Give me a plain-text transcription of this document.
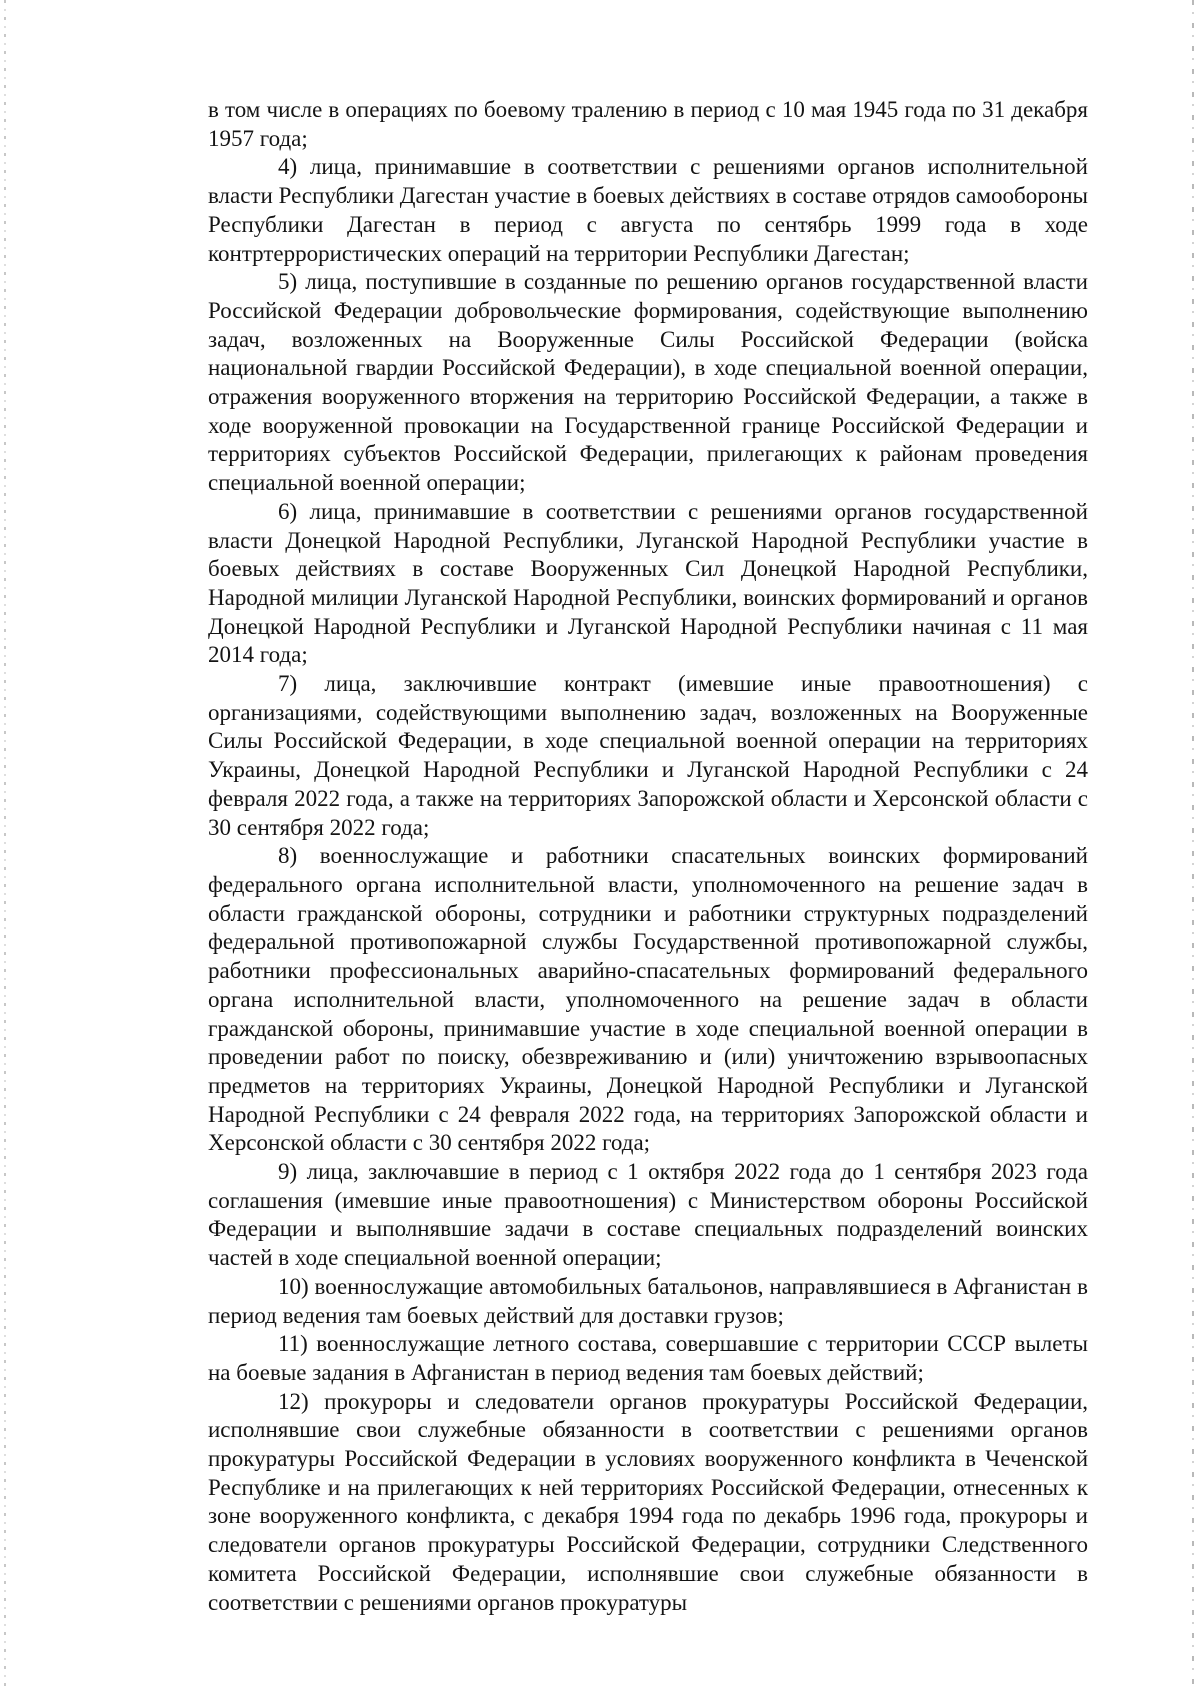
в том числе в операциях по боевому тралению в период с 10 мая 1945 года по 31 декабря 1957 года;

4) лица, принимавшие в соответствии с решениями органов исполнительной власти Республики Дагестан участие в боевых действиях в составе отрядов самообороны Республики Дагестан в период с августа по сентябрь 1999 года в ходе контртеррористических операций на территории Республики Дагестан;

5) лица, поступившие в созданные по решению органов государственной власти Российской Федерации добровольческие формирования, содействующие выполнению задач, возложенных на Вооруженные Силы Российской Федерации (войска национальной гвардии Российской Федерации), в ходе специальной военной операции, отражения вооруженного вторжения на территорию Российской Федерации, а также в ходе вооруженной провокации на Государственной границе Российской Федерации и территориях субъектов Российской Федерации, прилегающих к районам проведения специальной военной операции;

6) лица, принимавшие в соответствии с решениями органов государственной власти Донецкой Народной Республики, Луганской Народной Республики участие в боевых действиях в составе Вооруженных Сил Донецкой Народной Республики, Народной милиции Луганской Народной Республики, воинских формирований и органов Донецкой Народной Республики и Луганской Народной Республики начиная с 11 мая 2014 года;

7) лица, заключившие контракт (имевшие иные правоотношения) с организациями, содействующими выполнению задач, возложенных на Вооруженные Силы Российской Федерации, в ходе специальной военной операции на территориях Украины, Донецкой Народной Республики и Луганской Народной Республики с 24 февраля 2022 года, а также на территориях Запорожской области и Херсонской области с 30 сентября 2022 года;

8) военнослужащие и работники спасательных воинских формирований федерального органа исполнительной власти, уполномоченного на решение задач в области гражданской обороны, сотрудники и работники структурных подразделений федеральной противопожарной службы Государственной противопожарной службы, работники профессиональных аварийно-спасательных формирований федерального органа исполнительной власти, уполномоченного на решение задач в области гражданской обороны, принимавшие участие в ходе специальной военной операции в проведении работ по поиску, обезвреживанию и (или) уничтожению взрывоопасных предметов на территориях Украины, Донецкой Народной Республики и Луганской Народной Республики с 24 февраля 2022 года, на территориях Запорожской области и Херсонской области с 30 сентября 2022 года;

9) лица, заключавшие в период с 1 октября 2022 года до 1 сентября 2023 года соглашения (имевшие иные правоотношения) с Министерством обороны Российской Федерации и выполнявшие задачи в составе специальных подразделений воинских частей в ходе специальной военной операции;

10) военнослужащие автомобильных батальонов, направлявшиеся в Афганистан в период ведения там боевых действий для доставки грузов;

11) военнослужащие летного состава, совершавшие с территории СССР вылеты на боевые задания в Афганистан в период ведения там боевых действий;

12) прокуроры и следователи органов прокуратуры Российской Федерации, исполнявшие свои служебные обязанности в соответствии с решениями органов прокуратуры Российской Федерации в условиях вооруженного конфликта в Чеченской Республике и на прилегающих к ней территориях Российской Федерации, отнесенных к зоне вооруженного конфликта, с декабря 1994 года по декабрь 1996 года, прокуроры и следователи органов прокуратуры Российской Федерации, сотрудники Следственного комитета Российской Федерации, исполнявшие свои служебные обязанности в соответствии с решениями органов прокуратуры
